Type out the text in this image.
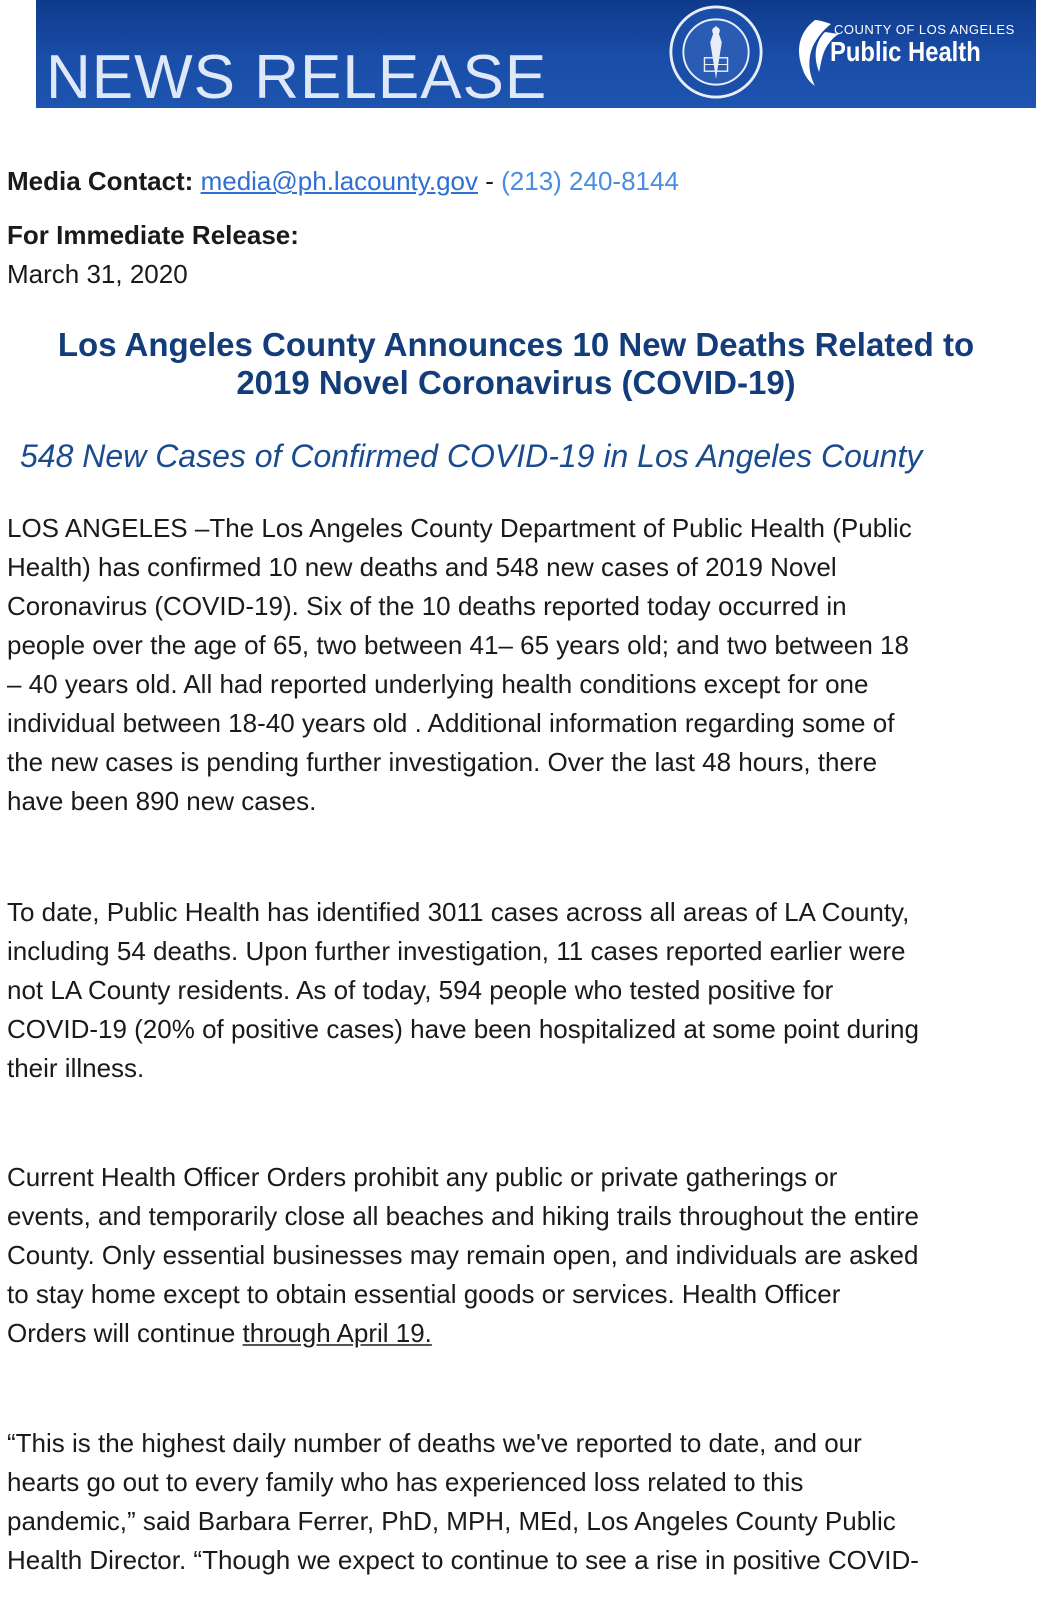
NEWS RELEASE
COUNTY OF LOS ANGELES
Public Health
Media Contact: media@ph.lacounty.gov - (213) 240-8144
For Immediate Release:
March 31, 2020
Los Angeles County Announces 10 New Deaths Related to
2019 Novel Coronavirus (COVID-19)
548 New Cases of Confirmed COVID-19 in Los Angeles County
LOS ANGELES –The Los Angeles County Department of Public Health (Public
Health) has confirmed 10 new deaths and 548 new cases of 2019 Novel
Coronavirus (COVID-19). Six of the 10 deaths reported today occurred in
people over the age of 65, two between 41– 65 years old; and two between 18
– 40 years old. All had reported underlying health conditions except for one
individual between 18-40 years old . Additional information regarding some of
the new cases is pending further investigation. Over the last 48 hours, there
have been 890 new cases.
To date, Public Health has identified 3011 cases across all areas of LA County,
including 54 deaths. Upon further investigation, 11 cases reported earlier were
not LA County residents. As of today, 594 people who tested positive for
COVID-19 (20% of positive cases) have been hospitalized at some point during
their illness.
Current Health Officer Orders prohibit any public or private gatherings or
events, and temporarily close all beaches and hiking trails throughout the entire
County. Only essential businesses may remain open, and individuals are asked
to stay home except to obtain essential goods or services. Health Officer
Orders will continue through April 19.
“This is the highest daily number of deaths we've reported to date, and our
hearts go out to every family who has experienced loss related to this
pandemic,” said Barbara Ferrer, PhD, MPH, MEd, Los Angeles County Public
Health Director. “Though we expect to continue to see a rise in positive COVID-
